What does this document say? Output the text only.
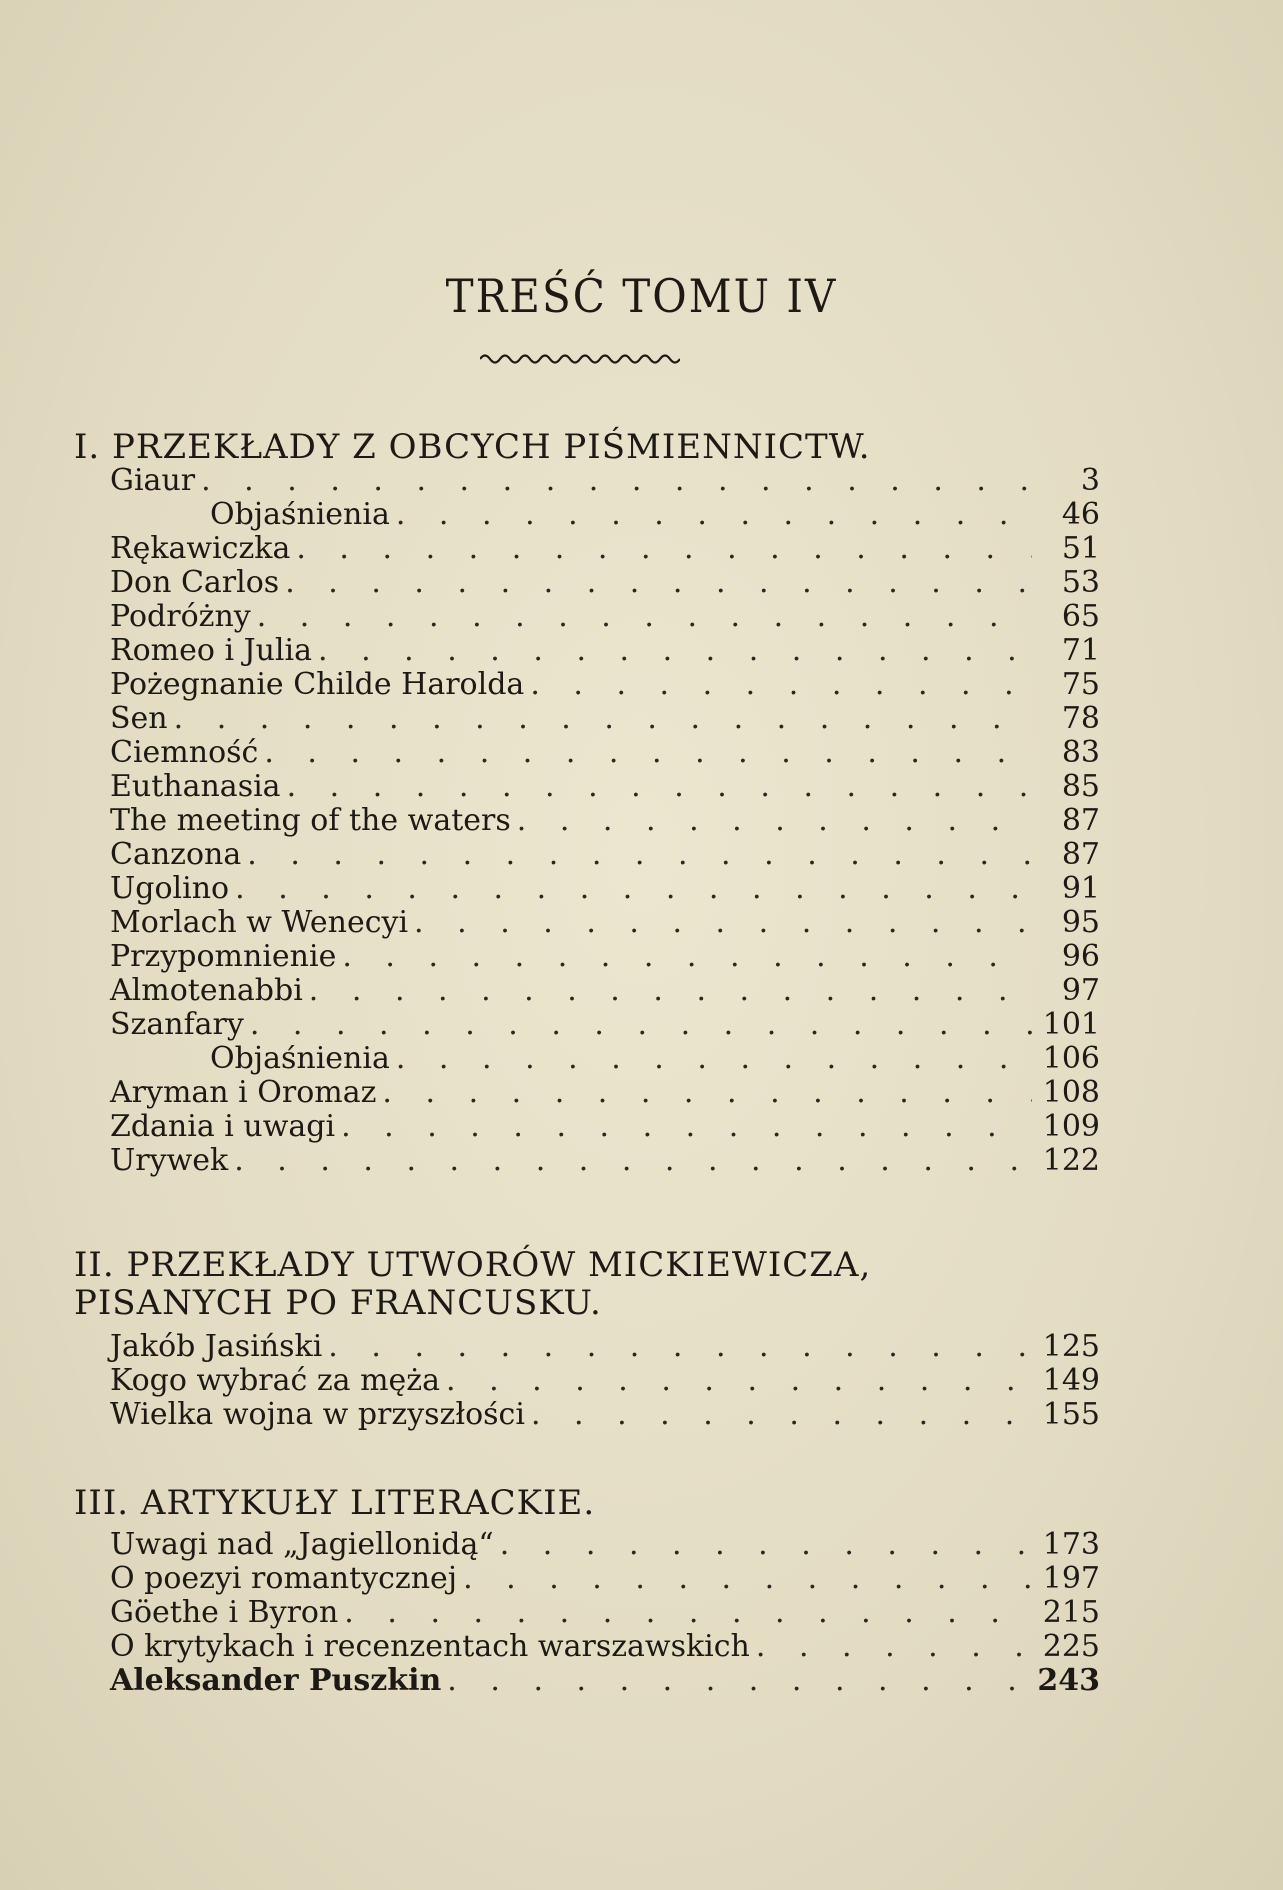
TREŚĆ TOMU IV
I. PRZEKŁADY Z OBCYCH PIŚMIENNICTW.
Giaur . . .	3
Objaśnienia . . .	46
Rękawiczka . . .	51
Don Carlos . . .	53
Podróżny . . .	65
Romeo i Julia . . .	71
Pożegnanie Childe Harolda . . .	75
Sen . . .	78
Ciemność . . .	83
Euthanasia . . .	85
The meeting of the waters . . .	87
Canzona . . .	87
Ugolino . . .	91
Morlach w Wenecyi . . .	95
Przypomnienie . . .	96
Almotenabbi . . .	97
Szanfary . . .	101
Objaśnienia . . .	106
Aryman i Oromaz . . .	108
Zdania i uwagi . . .	109
Urywek . . .	122
II. PRZEKŁADY UTWORÓW MICKIEWICZA, PISANYCH PO FRANCUSKU.
Jakób Jasiński . . .	125
Kogo wybrać za męża . . .	149
Wielka wojna w przyszłości . . .	155
III. ARTYKUŁY LITERACKIE.
Uwagi nad „Jagiellonidą“ . . .	173
O poezyi romantycznej . . .	197
Göethe i Byron . . .	215
O krytykach i recenzentach warszawskich . . .	225
Aleksander Puszkin . . .	243
